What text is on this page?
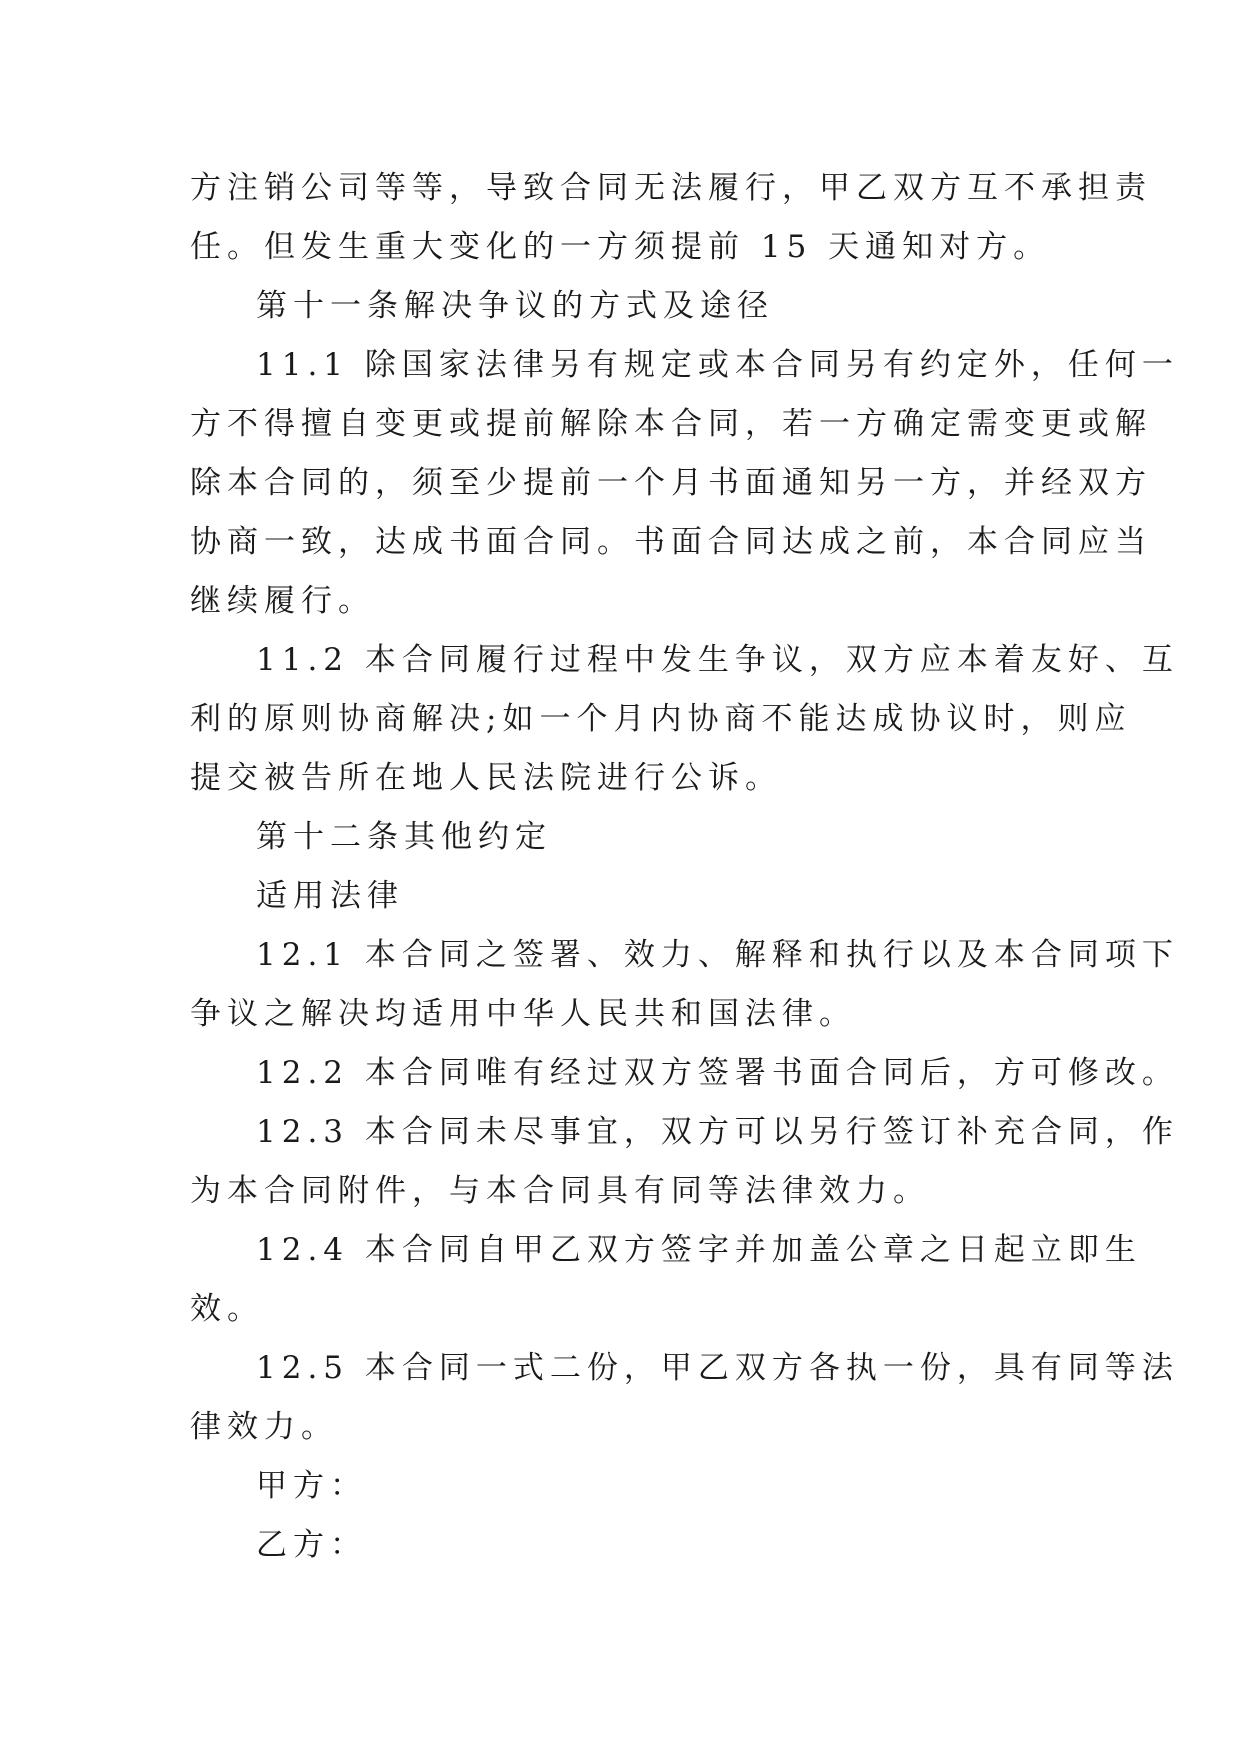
方注销公司等等，导致合同无法履行，甲乙双方互不承担责
任。但发生重大变化的一方须提前 15 天通知对方。
第十一条解决争议的方式及途径
11.1 除国家法律另有规定或本合同另有约定外，任何一
方不得擅自变更或提前解除本合同，若一方确定需变更或解
除本合同的，须至少提前一个月书面通知另一方，并经双方
协商一致，达成书面合同。书面合同达成之前，本合同应当
继续履行。
11.2 本合同履行过程中发生争议，双方应本着友好、互
利的原则协商解决;如一个月内协商不能达成协议时，则应
提交被告所在地人民法院进行公诉。
第十二条其他约定
适用法律
12.1 本合同之签署、效力、解释和执行以及本合同项下
争议之解决均适用中华人民共和国法律。
12.2 本合同唯有经过双方签署书面合同后，方可修改。
12.3 本合同未尽事宜，双方可以另行签订补充合同，作
为本合同附件，与本合同具有同等法律效力。
12.4 本合同自甲乙双方签字并加盖公章之日起立即生
效。
12.5 本合同一式二份，甲乙双方各执一份，具有同等法
律效力。
甲方：
乙方：
